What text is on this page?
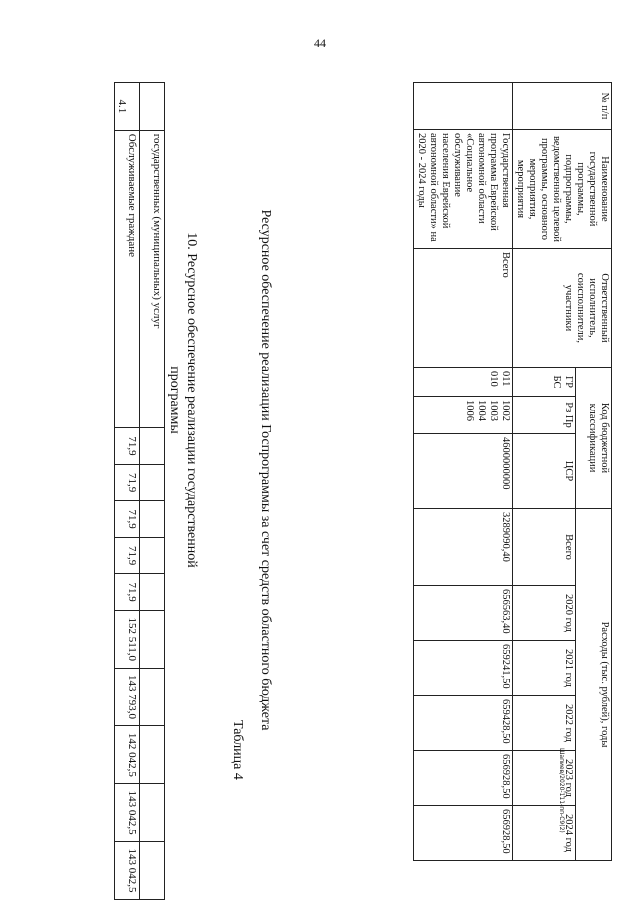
44
	государственных (муниципальных) услуг										
4.1	Обслуживаемые граждане	71,9	71,9	71,9	71,9	71,9	152 511,0	143 793,0	142 042,5	143 042,5	143 042,5
10. Ресурсное обеспечение реализации государственной программы
Таблица 4
Ресурсное обеспечение реализации Госпрограммы за счет средств областного бюджета
№ п/п	Наименование государственной программы, подпрограммы, ведомственной целевой программы, основного мероприятия, мероприятия	Ответственный исполнитель, соисполнители, участники	Код бюджетной классификации			Расходы (тыс. рублей), годы					
			ГР БС	Рз Пр	ЦСР	Всего	2020 год	2021 год	2022 год	2023 год	2024 год
	Государственная программа Еврейской автономной области «Социальное обслуживание населения Еврейской автономной области» на 2020 - 2024 годы	Всего	011 010	1002 1003 1004 1006	4600000000	3289090,40	656563,40	659241,50	659428,50	656928,50	656928,50	Шапиев/2020-111-пп-С9(2)
